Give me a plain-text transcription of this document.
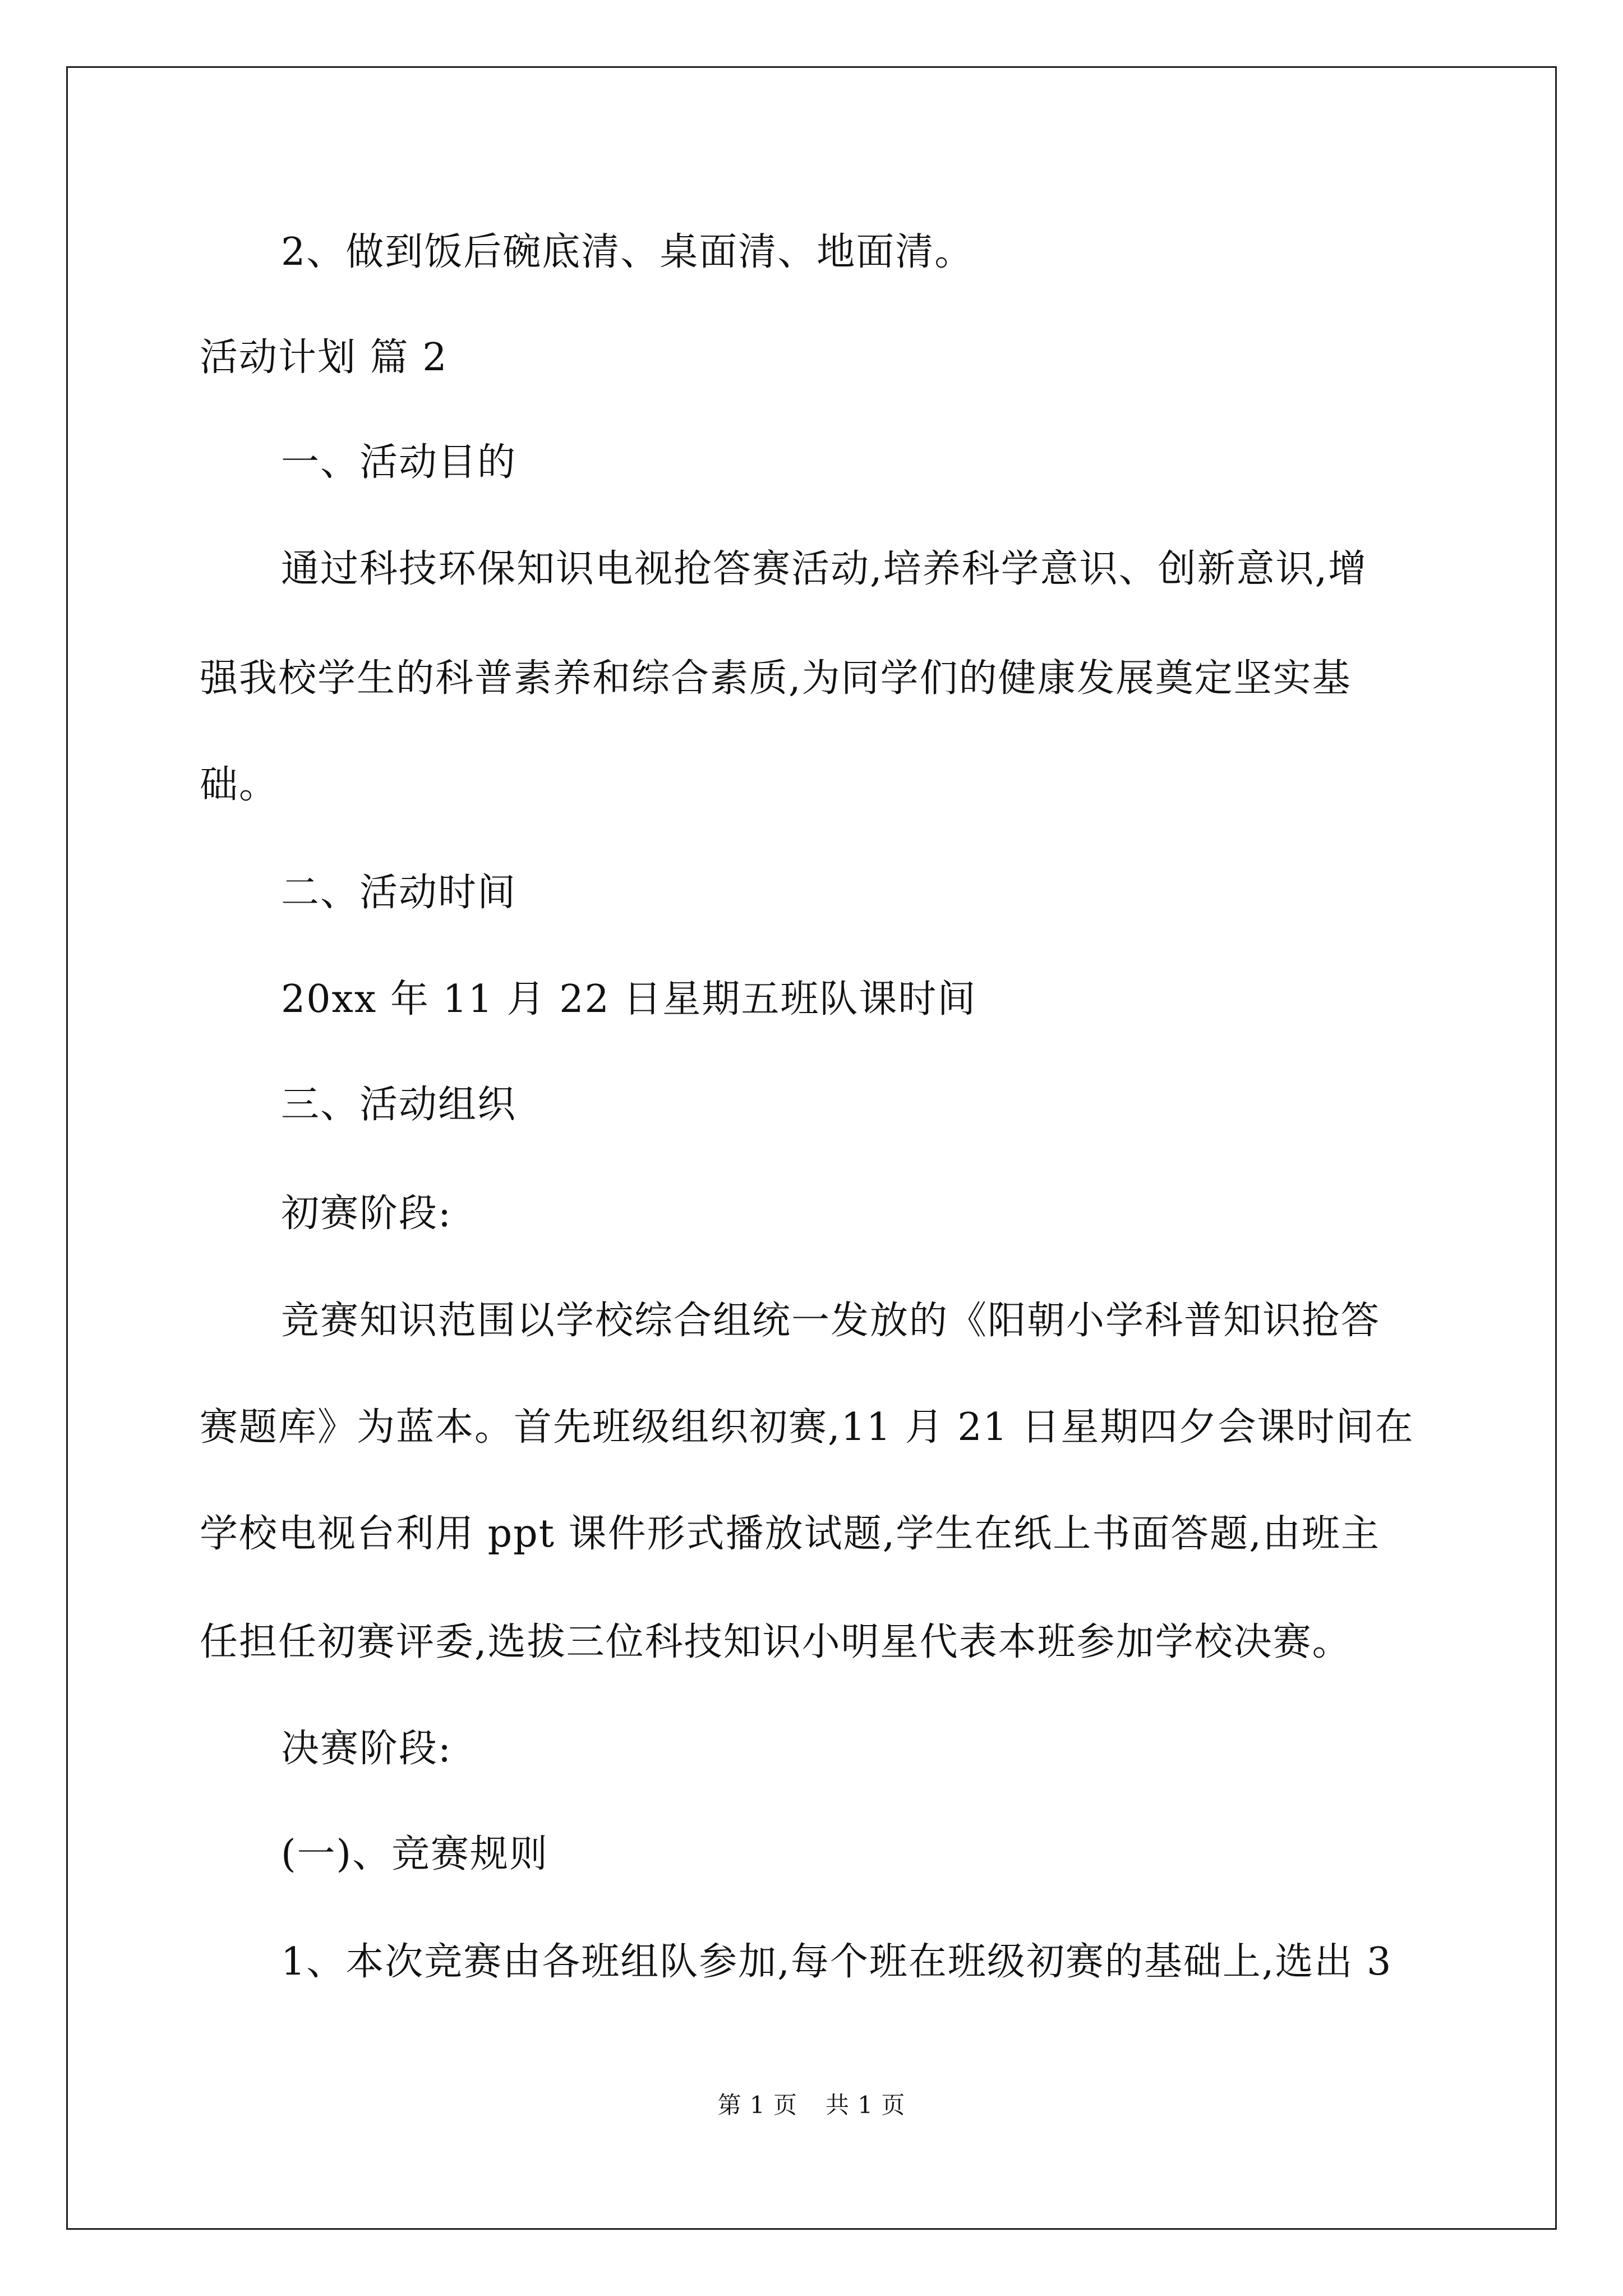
2、做到饭后碗底清、桌面清、地面清。
活动计划 篇 2
一、活动目的
通过科技环保知识电视抢答赛活动,培养科学意识、创新意识,增
强我校学生的科普素养和综合素质,为同学们的健康发展奠定坚实基
础。
二、活动时间
20xx 年 11 月 22 日星期五班队课时间
三、活动组织
初赛阶段:
竞赛知识范围以学校综合组统一发放的《阳朝小学科普知识抢答
赛题库》为蓝本。首先班级组织初赛,11 月 21 日星期四夕会课时间在
学校电视台利用 ppt 课件形式播放试题,学生在纸上书面答题,由班主
任担任初赛评委,选拔三位科技知识小明星代表本班参加学校决赛。
决赛阶段:
(一)、竞赛规则
1、本次竞赛由各班组队参加,每个班在班级初赛的基础上,选出 3
第 1 页 共 1 页
